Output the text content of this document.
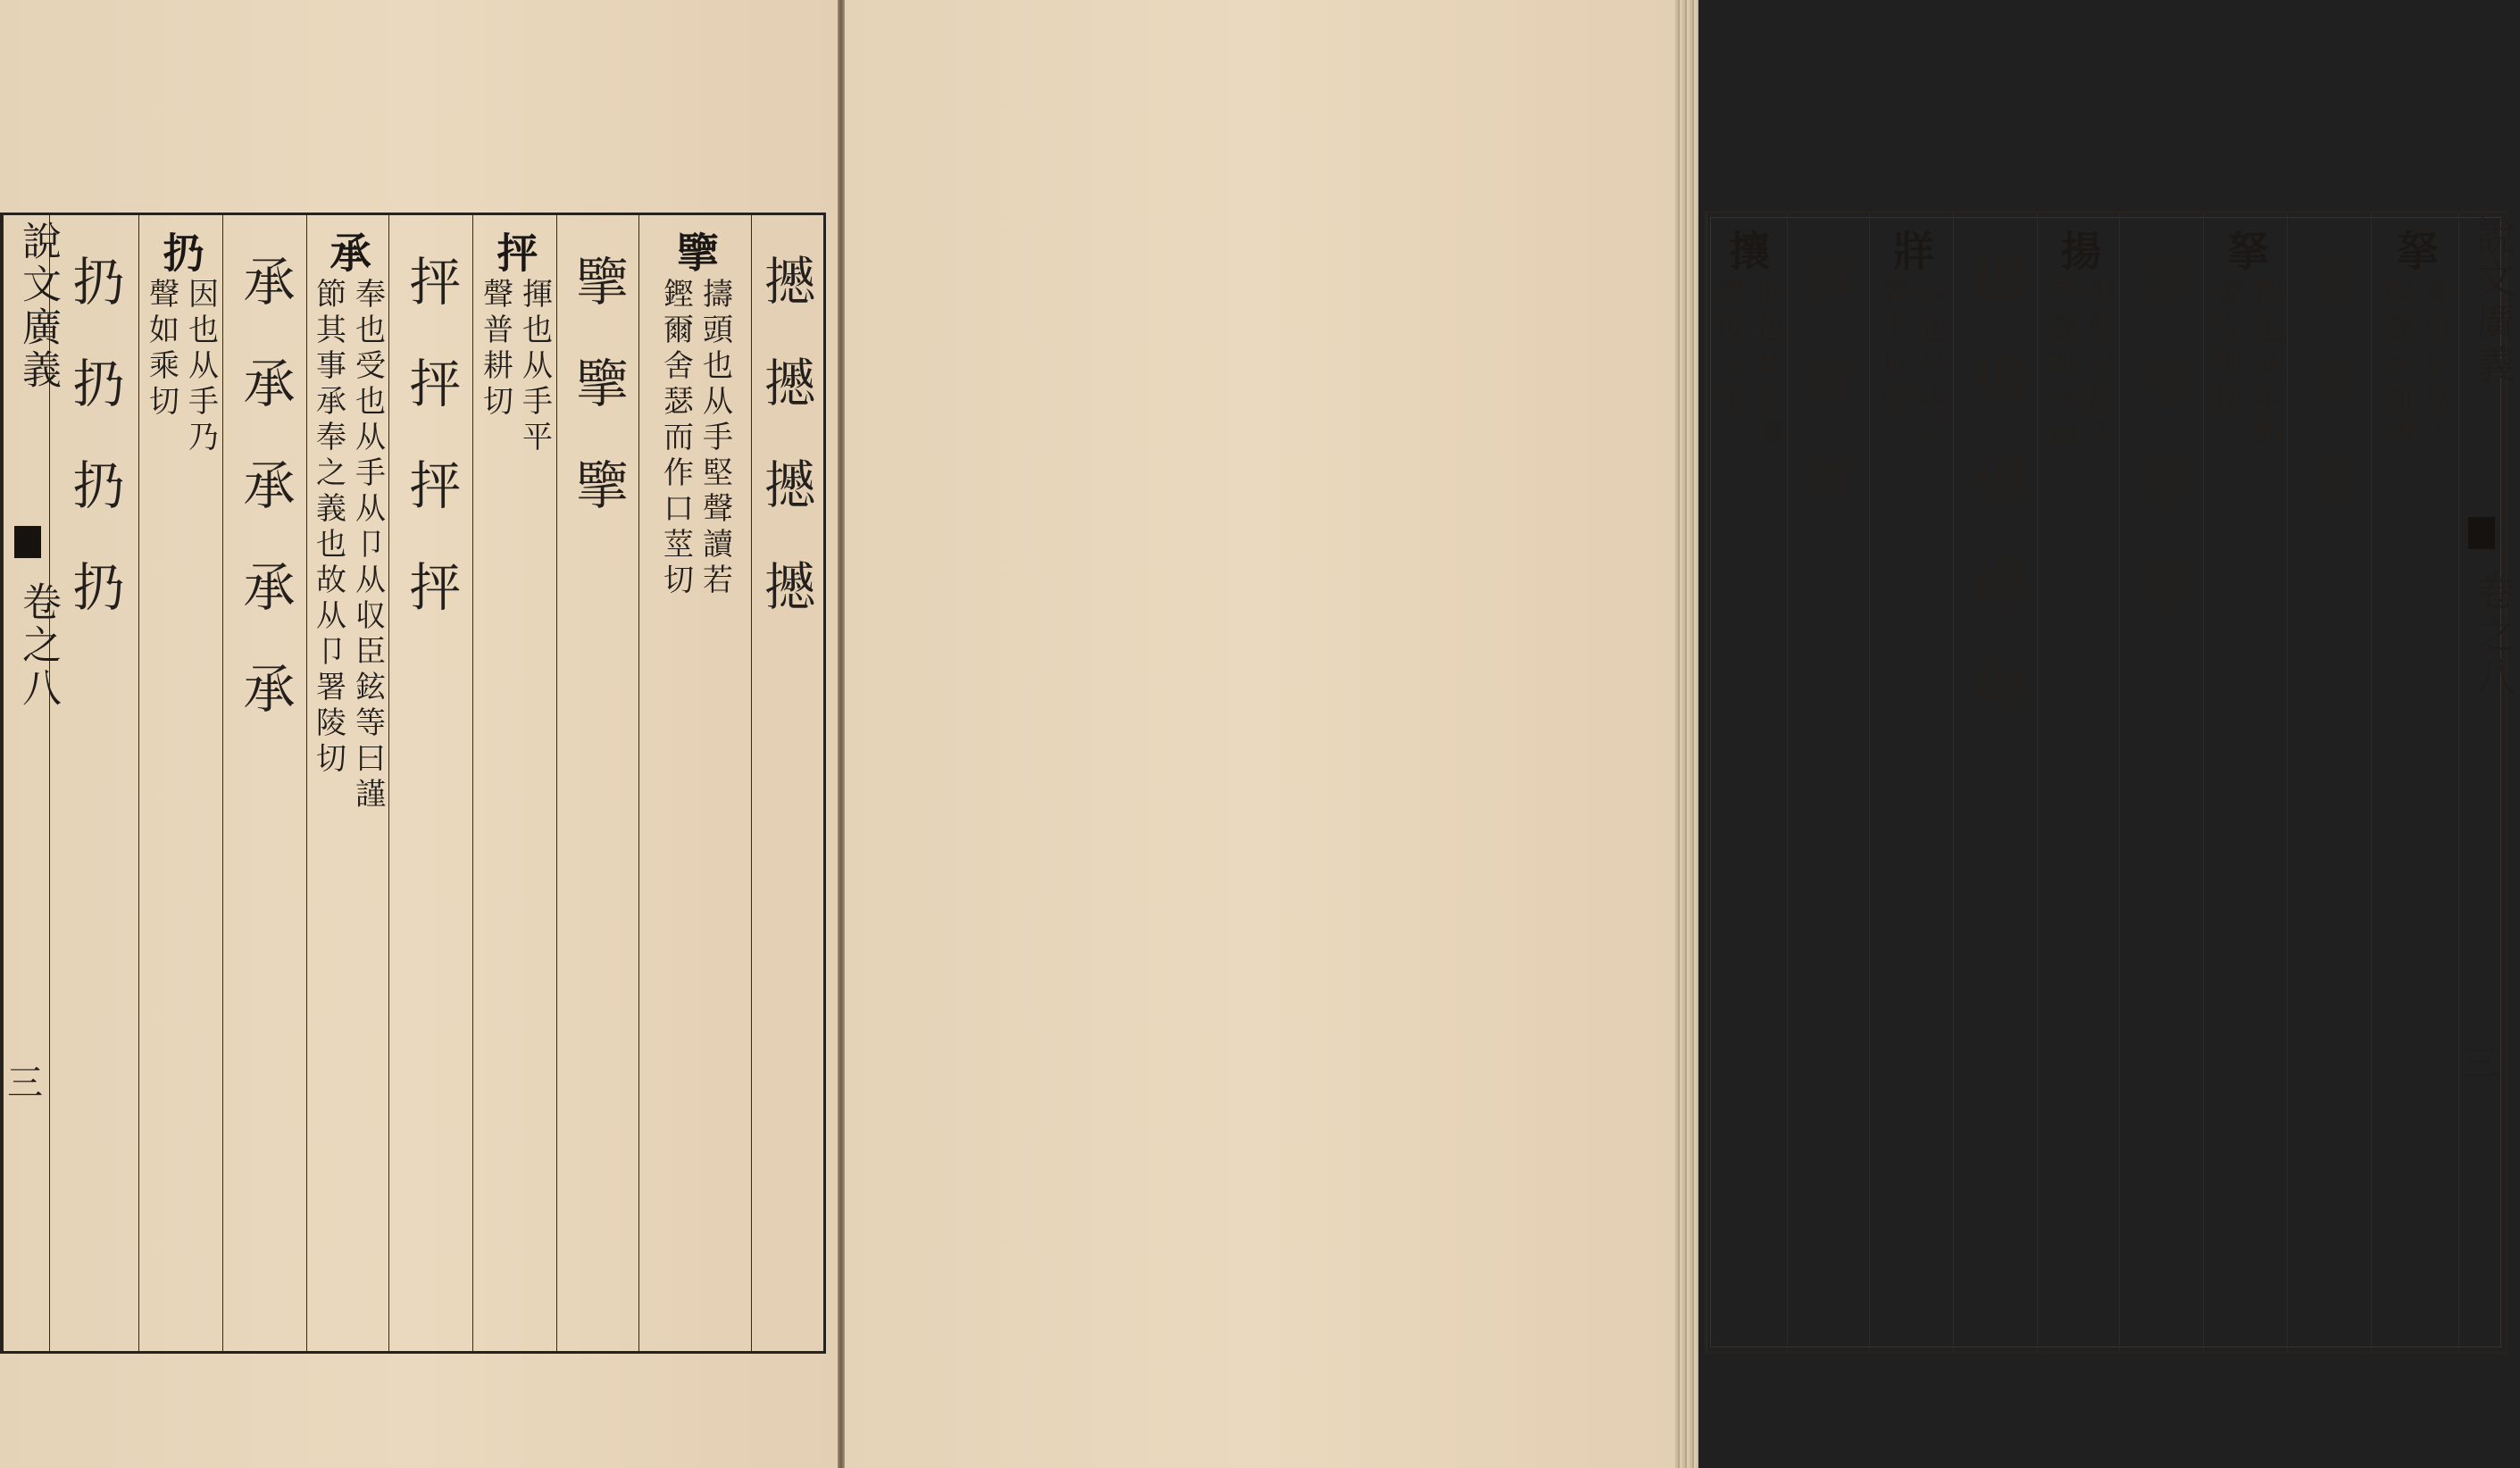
𢷾𢷾𢷾𢷾
擥
擣頭也从手堅聲讀若
鏗爾舍瑟而作口莖切
擥擥擥
抨
揮也从手平
聲普耕切
抨抨抨抨
承
奉也受也从手从卩从収臣鉉等曰謹
節其事承奉之義也故从卩署陵切
承承承承承
扔
因也从手乃
聲如乘切
扔扔扔扔
說文廣義
卷之八
三
說文廣義
卷之八
三
拏
牽引也从手
奴聲女加切
拏拏拏
拏
持也从手如
聲女加切
拏拏拏拏
揚
飛舉也从手
昜聲與章切
揚揚揚揚揚
牂
扶也从手爿
聲士良切
牂牂牂
攘
推也从手襄
聲汝羊切
